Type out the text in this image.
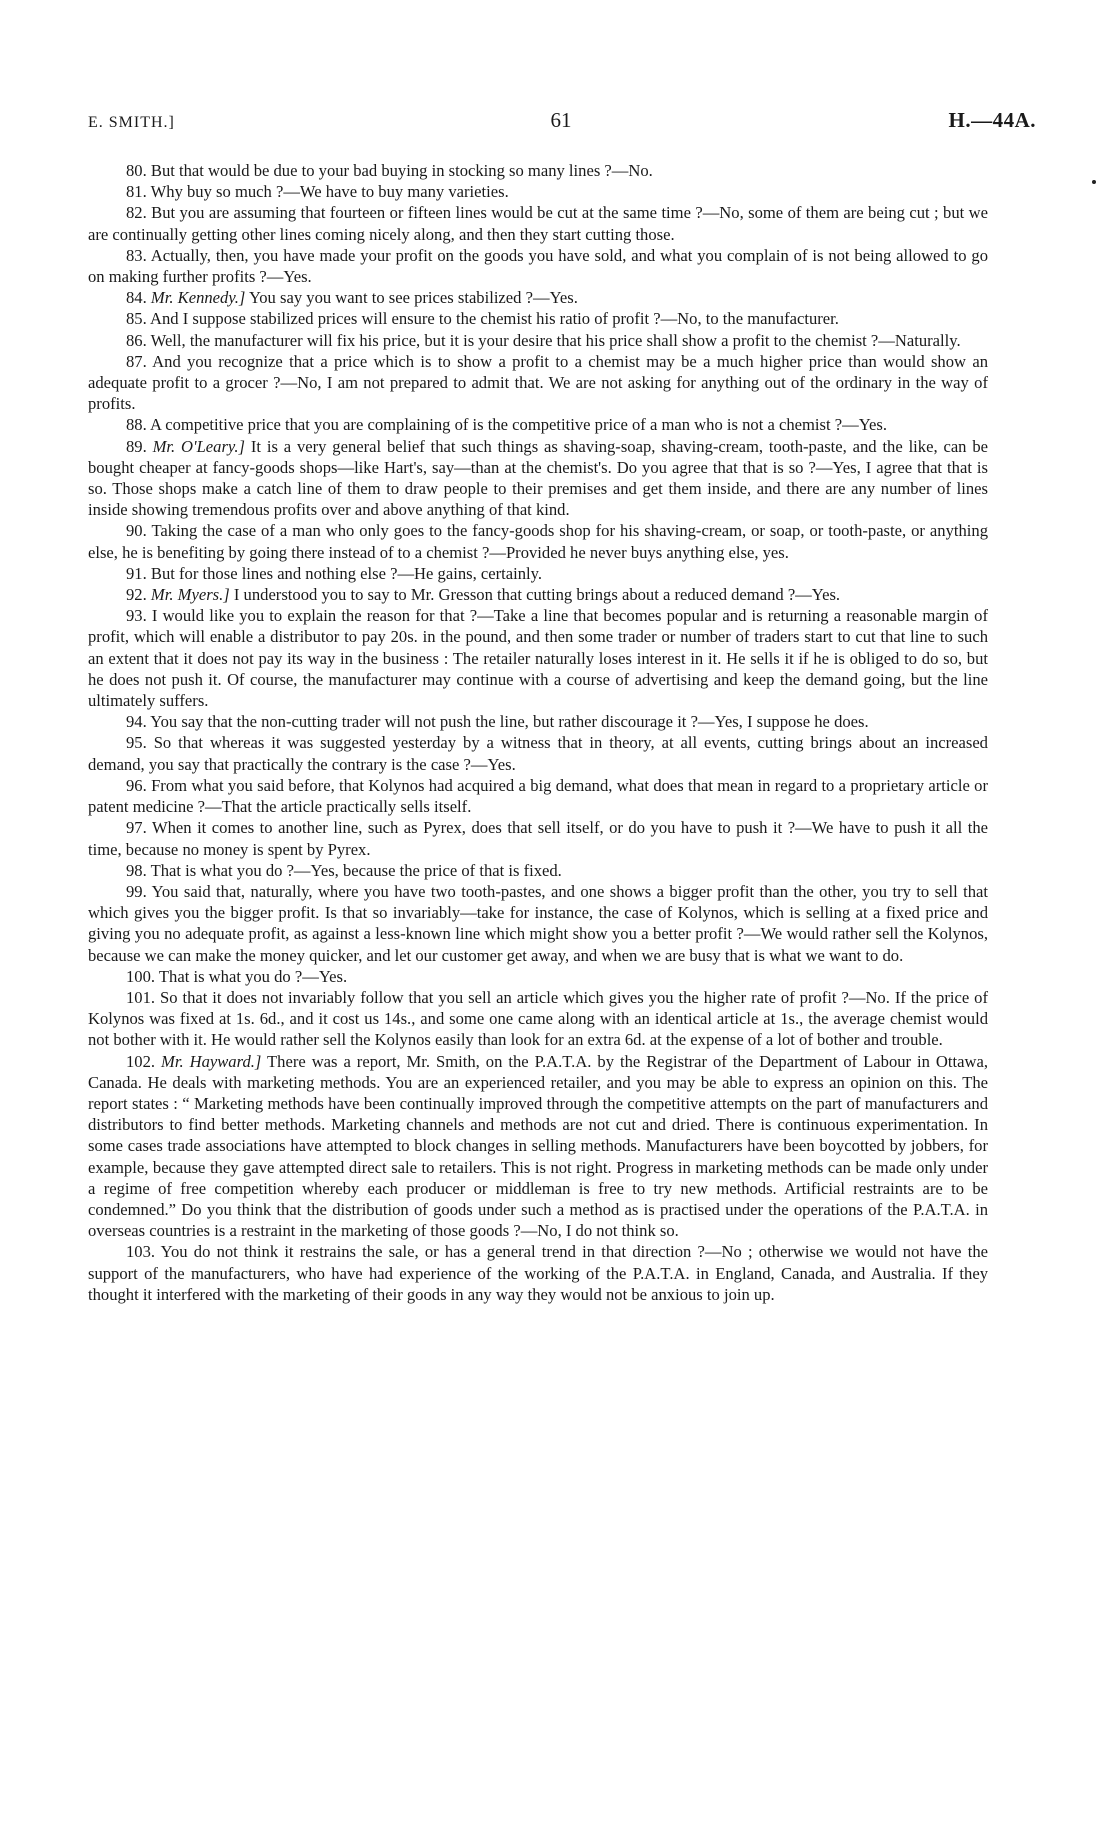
E. SMITH.]	61	H.—44A.

80. But that would be due to your bad buying in stocking so many lines ?—No.

81. Why buy so much ?—We have to buy many varieties.

82. But you are assuming that fourteen or fifteen lines would be cut at the same time ?—No, some of them are being cut ; but we are continually getting other lines coming nicely along, and then they start cutting those.

83. Actually, then, you have made your profit on the goods you have sold, and what you complain of is not being allowed to go on making further profits ?—Yes.

84. Mr. Kennedy.] You say you want to see prices stabilized ?—Yes.

85. And I suppose stabilized prices will ensure to the chemist his ratio of profit ?—No, to the manufacturer.

86. Well, the manufacturer will fix his price, but it is your desire that his price shall show a profit to the chemist ?—Naturally.

87. And you recognize that a price which is to show a profit to a chemist may be a much higher price than would show an adequate profit to a grocer ?—No, I am not prepared to admit that. We are not asking for anything out of the ordinary in the way of profits.

88. A competitive price that you are complaining of is the competitive price of a man who is not a chemist ?—Yes.

89. Mr. O'Leary.] It is a very general belief that such things as shaving-soap, shaving-cream, tooth-paste, and the like, can be bought cheaper at fancy-goods shops—like Hart's, say—than at the chemist's. Do you agree that that is so ?—Yes, I agree that that is so. Those shops make a catch line of them to draw people to their premises and get them inside, and there are any number of lines inside showing tremendous profits over and above anything of that kind.

90. Taking the case of a man who only goes to the fancy-goods shop for his shaving-cream, or soap, or tooth-paste, or anything else, he is benefiting by going there instead of to a chemist ?—Provided he never buys anything else, yes.

91. But for those lines and nothing else ?—He gains, certainly.

92. Mr. Myers.] I understood you to say to Mr. Gresson that cutting brings about a reduced demand ?—Yes.

93. I would like you to explain the reason for that ?—Take a line that becomes popular and is returning a reasonable margin of profit, which will enable a distributor to pay 20s. in the pound, and then some trader or number of traders start to cut that line to such an extent that it does not pay its way in the business : The retailer naturally loses interest in it. He sells it if he is obliged to do so, but he does not push it. Of course, the manufacturer may continue with a course of advertising and keep the demand going, but the line ultimately suffers.

94. You say that the non-cutting trader will not push the line, but rather discourage it ?—Yes, I suppose he does.

95. So that whereas it was suggested yesterday by a witness that in theory, at all events, cutting brings about an increased demand, you say that practically the contrary is the case ?—Yes.

96. From what you said before, that Kolynos had acquired a big demand, what does that mean in regard to a proprietary article or patent medicine ?—That the article practically sells itself.

97. When it comes to another line, such as Pyrex, does that sell itself, or do you have to push it ?—We have to push it all the time, because no money is spent by Pyrex.

98. That is what you do ?—Yes, because the price of that is fixed.

99. You said that, naturally, where you have two tooth-pastes, and one shows a bigger profit than the other, you try to sell that which gives you the bigger profit. Is that so invariably—take for instance, the case of Kolynos, which is selling at a fixed price and giving you no adequate profit, as against a less-known line which might show you a better profit ?—We would rather sell the Kolynos, because we can make the money quicker, and let our customer get away, and when we are busy that is what we want to do.

100. That is what you do ?—Yes.

101. So that it does not invariably follow that you sell an article which gives you the higher rate of profit ?—No. If the price of Kolynos was fixed at 1s. 6d., and it cost us 14s., and some one came along with an identical article at 1s., the average chemist would not bother with it. He would rather sell the Kolynos easily than look for an extra 6d. at the expense of a lot of bother and trouble.

102. Mr. Hayward.] There was a report, Mr. Smith, on the P.A.T.A. by the Registrar of the Department of Labour in Ottawa, Canada. He deals with marketing methods. You are an experienced retailer, and you may be able to express an opinion on this. The report states : “ Marketing methods have been continually improved through the competitive attempts on the part of manufacturers and distributors to find better methods. Marketing channels and methods are not cut and dried. There is continuous experimentation. In some cases trade associations have attempted to block changes in selling methods. Manufacturers have been boycotted by jobbers, for example, because they gave attempted direct sale to retailers. This is not right. Progress in marketing methods can be made only under a regime of free competition whereby each producer or middleman is free to try new methods. Artificial restraints are to be condemned.” Do you think that the distribution of goods under such a method as is practised under the operations of the P.A.T.A. in overseas countries is a restraint in the marketing of those goods ?—No, I do not think so.

103. You do not think it restrains the sale, or has a general trend in that direction ?—No ; otherwise we would not have the support of the manufacturers, who have had experience of the working of the P.A.T.A. in England, Canada, and Australia. If they thought it interfered with the marketing of their goods in any way they would not be anxious to join up.
